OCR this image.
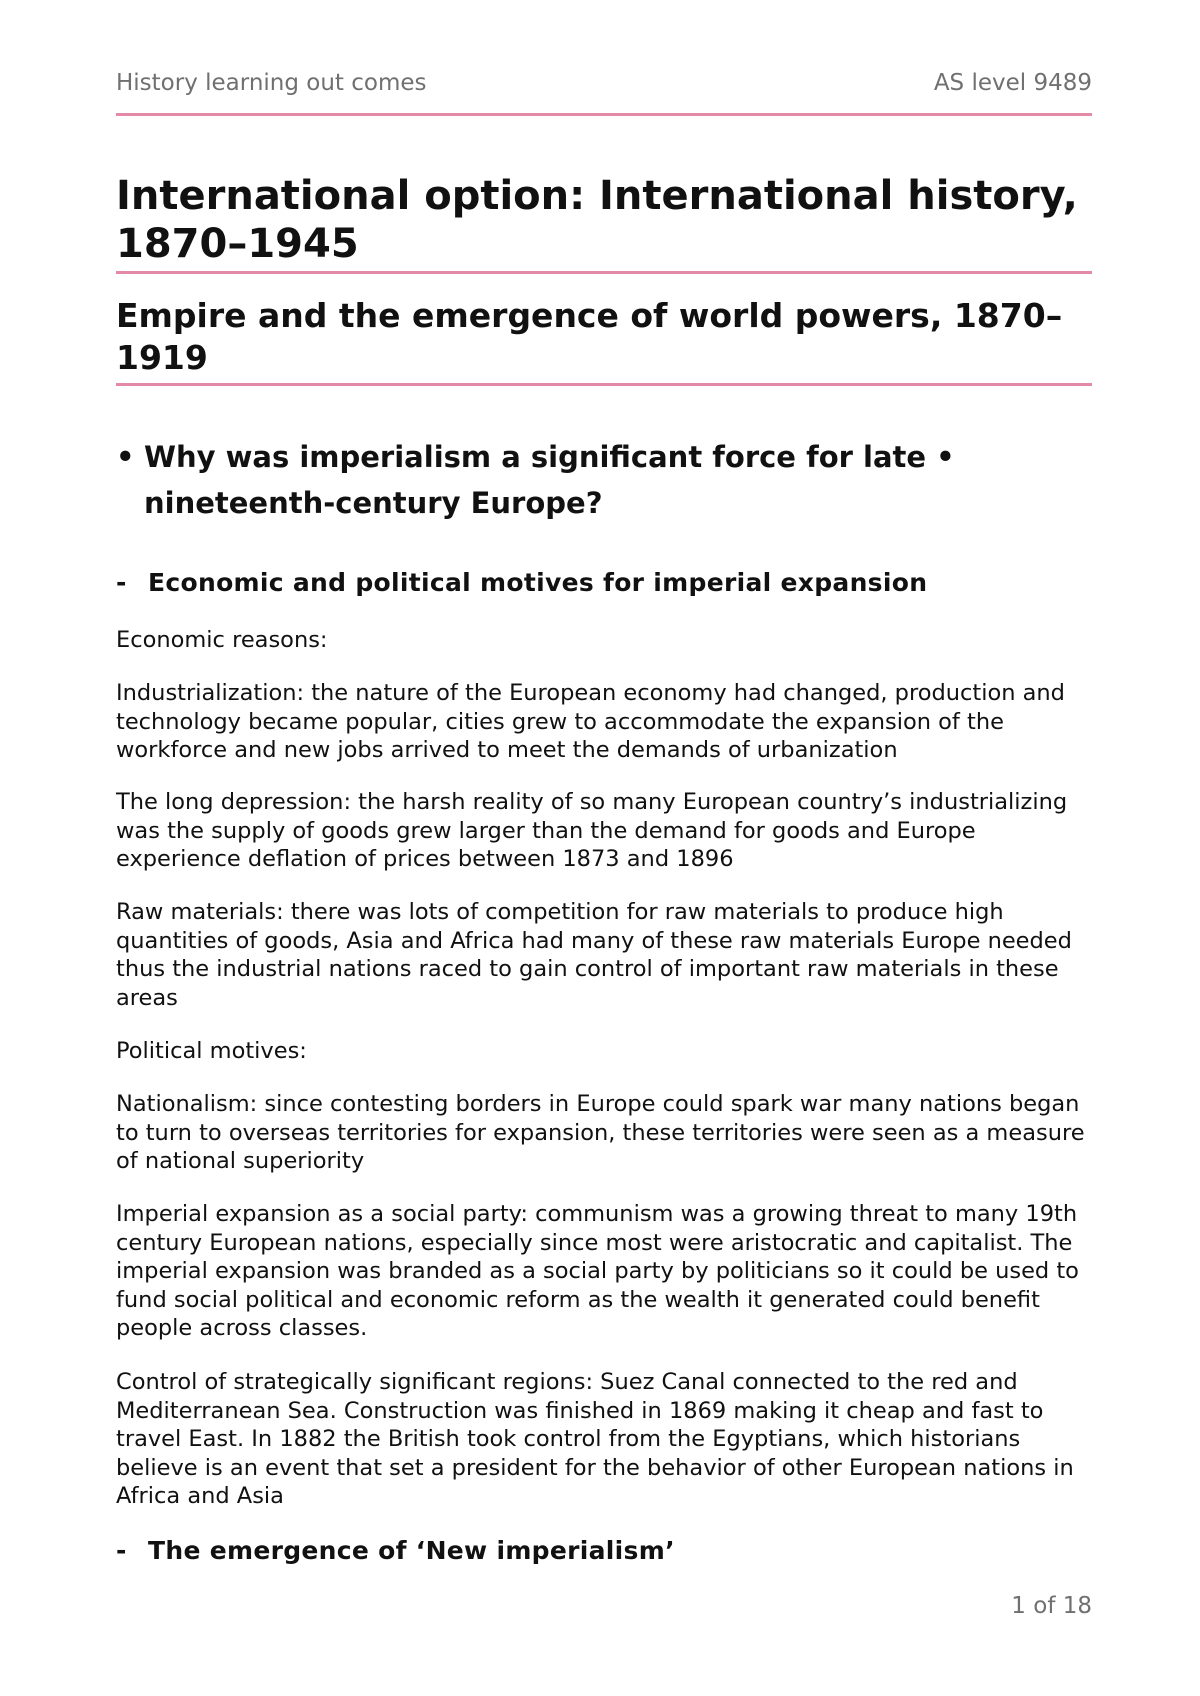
History learning out comes	AS level 9489
International option: International history, 1870–1945
Empire and the emergence of world powers, 1870–1919
• Why was imperialism a significant force for late • nineteenth-century Europe?
- Economic and political motives for imperial expansion
Economic reasons:
Industrialization: the nature of the European economy had changed, production and technology became popular, cities grew to accommodate the expansion of the workforce and new jobs arrived to meet the demands of urbanization
The long depression: the harsh reality of so many European country’s industrializing was the supply of goods grew larger than the demand for goods and Europe experience deflation of prices between 1873 and 1896
Raw materials: there was lots of competition for raw materials to produce high quantities of goods, Asia and Africa had many of these raw materials Europe needed thus the industrial nations raced to gain control of important raw materials in these areas
Political motives:
Nationalism: since contesting borders in Europe could spark war many nations began to turn to overseas territories for expansion, these territories were seen as a measure of national superiority
Imperial expansion as a social party: communism was a growing threat to many 19th century European nations, especially since most were aristocratic and capitalist. The imperial expansion was branded as a social party by politicians so it could be used to fund social political and economic reform as the wealth it generated could benefit people across classes.
Control of strategically significant regions: Suez Canal connected to the red and Mediterranean Sea. Construction was finished in 1869 making it cheap and fast to travel East. In 1882 the British took control from the Egyptians, which historians believe is an event that set a president for the behavior of other European nations in Africa and Asia
- The emergence of ‘New imperialism’
1 of 18
